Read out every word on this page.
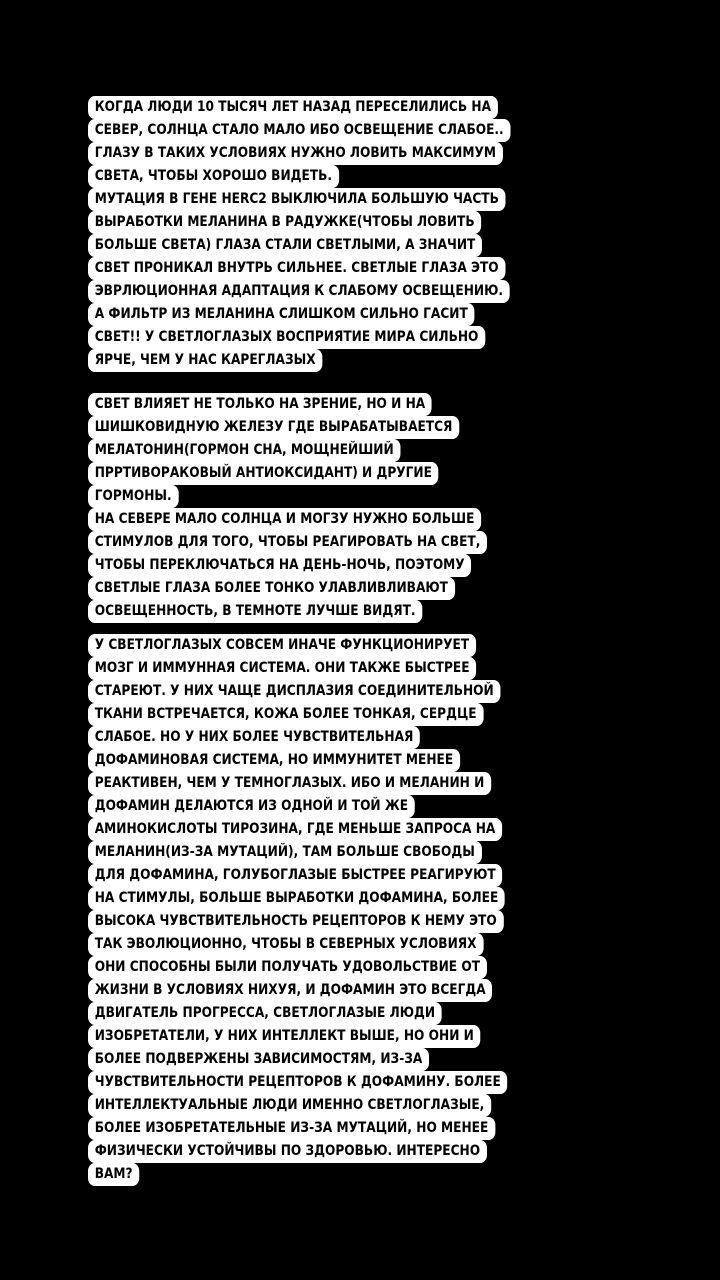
КОГДА ЛЮДИ 10 ТЫСЯЧ ЛЕТ НАЗАД ПЕРЕСЕЛИЛИСЬ НА
СЕВЕР, СОЛНЦА СТАЛО МАЛО ИБО ОСВЕЩЕНИЕ СЛАБОЕ..
ГЛАЗУ В ТАКИХ УСЛОВИЯХ НУЖНО ЛОВИТЬ МАКСИМУМ
СВЕТА, ЧТОБЫ ХОРОШО ВИДЕТЬ.
МУТАЦИЯ В ГЕНЕ HERC2 ВЫКЛЮЧИЛА БОЛЬШУЮ ЧАСТЬ
ВЫРАБОТКИ МЕЛАНИНА В РАДУЖКЕ(ЧТОБЫ ЛОВИТЬ
БОЛЬШЕ СВЕТА) ГЛАЗА СТАЛИ СВЕТЛЫМИ, А ЗНАЧИТ
СВЕТ ПРОНИКАЛ ВНУТРЬ СИЛЬНЕЕ. СВЕТЛЫЕ ГЛАЗА ЭТО
ЭВРЛЮЦИОННАЯ АДАПТАЦИЯ К СЛАБОМУ ОСВЕЩЕНИЮ.
А ФИЛЬТР ИЗ МЕЛАНИНА СЛИШКОМ СИЛЬНО ГАСИТ
СВЕТ!! У СВЕТЛОГЛАЗЫХ ВОСПРИЯТИЕ МИРА СИЛЬНО
ЯРЧЕ, ЧЕМ У НАС КАРЕГЛАЗЫХ
СВЕТ ВЛИЯЕТ НЕ ТОЛЬКО НА ЗРЕНИЕ, НО И НА
ШИШКОВИДНУЮ ЖЕЛЕЗУ ГДЕ ВЫРАБАТЫВАЕТСЯ
МЕЛАТОНИН(ГОРМОН СНА, МОЩНЕЙШИЙ
ПРРТИВОРАКОВЫЙ АНТИОКСИДАНТ) И ДРУГИЕ
ГОРМОНЫ.
НА СЕВЕРЕ МАЛО СОЛНЦА И МОГЗУ НУЖНО БОЛЬШЕ
СТИМУЛОВ ДЛЯ ТОГО, ЧТОБЫ РЕАГИРОВАТЬ НА СВЕТ,
ЧТОБЫ ПЕРЕКЛЮЧАТЬСЯ НА ДЕНЬ-НОЧЬ, ПОЭТОМУ
СВЕТЛЫЕ ГЛАЗА БОЛЕЕ ТОНКО УЛАВЛИВЛИВАЮТ
ОСВЕЩЕННОСТЬ, В ТЕМНОТЕ ЛУЧШЕ ВИДЯТ.
У СВЕТЛОГЛАЗЫХ СОВСЕМ ИНАЧЕ ФУНКЦИОНИРУЕТ
МОЗГ И ИММУННАЯ СИСТЕМА. ОНИ ТАКЖЕ БЫСТРЕЕ
СТАРЕЮТ. У НИХ ЧАЩЕ ДИСПЛАЗИЯ СОЕДИНИТЕЛЬНОЙ
ТКАНИ ВСТРЕЧАЕТСЯ, КОЖА БОЛЕЕ ТОНКАЯ, СЕРДЦЕ
СЛАБОЕ. НО У НИХ БОЛЕЕ ЧУВСТВИТЕЛЬНАЯ
ДОФАМИНОВАЯ СИСТЕМА, НО ИММУНИТЕТ МЕНЕЕ
РЕАКТИВЕН, ЧЕМ У ТЕМНОГЛАЗЫХ. ИБО И МЕЛАНИН И
ДОФАМИН ДЕЛАЮТСЯ ИЗ ОДНОЙ И ТОЙ ЖЕ
АМИНОКИСЛОТЫ ТИРОЗИНА, ГДЕ МЕНЬШЕ ЗАПРОСА НА
МЕЛАНИН(ИЗ-ЗА МУТАЦИЙ), ТАМ БОЛЬШЕ СВОБОДЫ
ДЛЯ ДОФАМИНА, ГОЛУБОГЛАЗЫЕ БЫСТРЕЕ РЕАГИРУЮТ
НА СТИМУЛЫ, БОЛЬШЕ ВЫРАБОТКИ ДОФАМИНА, БОЛЕЕ
ВЫСОКА ЧУВСТВИТЕЛЬНОСТЬ РЕЦЕПТОРОВ К НЕМУ ЭТО
ТАК ЭВОЛЮЦИОННО, ЧТОБЫ В СЕВЕРНЫХ УСЛОВИЯХ
ОНИ СПОСОБНЫ БЫЛИ ПОЛУЧАТЬ УДОВОЛЬСТВИЕ ОТ
ЖИЗНИ В УСЛОВИЯХ НИХУЯ, И ДОФАМИН ЭТО ВСЕГДА
ДВИГАТЕЛЬ ПРОГРЕССА, СВЕТЛОГЛАЗЫЕ ЛЮДИ
ИЗОБРЕТАТЕЛИ, У НИХ ИНТЕЛЛЕКТ ВЫШЕ, НО ОНИ И
БОЛЕЕ ПОДВЕРЖЕНЫ ЗАВИСИМОСТЯМ, ИЗ-ЗА
ЧУВСТВИТЕЛЬНОСТИ РЕЦЕПТОРОВ К ДОФАМИНУ. БОЛЕЕ
ИНТЕЛЛЕКТУАЛЬНЫЕ ЛЮДИ ИМЕННО СВЕТЛОГЛАЗЫЕ,
БОЛЕЕ ИЗОБРЕТАТЕЛЬНЫЕ ИЗ-ЗА МУТАЦИЙ, НО МЕНЕЕ
ФИЗИЧЕСКИ УСТОЙЧИВЫ ПО ЗДОРОВЬЮ. ИНТЕРЕСНО
ВАМ?
